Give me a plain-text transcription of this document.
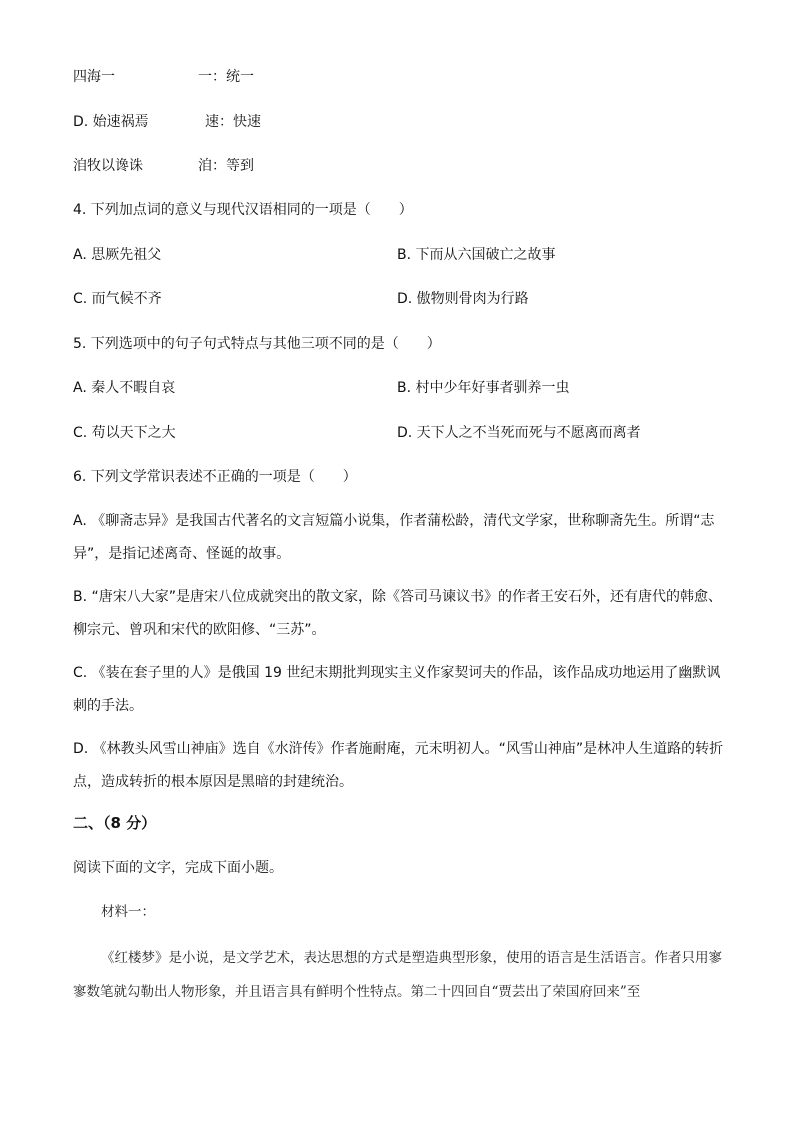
四海一	一：统一
D. 始速祸焉	速：快速
洎牧以谗诛	洎：等到
4. 下列加点词的意义与现代汉语相同的一项是（　　）
A. 思厥先祖父	B. 下而从六国破亡之故事
C. 而气候不齐	D. 傲物则骨肉为行路
5. 下列选项中的句子句式特点与其他三项不同的是（　　）
A. 秦人不暇自哀	B. 村中少年好事者驯养一虫
C. 苟以天下之大	D. 天下人之不当死而死与不愿离而离者
6. 下列文学常识表述不正确的一项是（　　）
A. 《聊斋志异》是我国古代著名的文言短篇小说集，作者蒲松龄，清代文学家，世称聊斋先生。所谓“志异”，是指记述离奇、怪诞的故事。
B. “唐宋八大家”是唐宋八位成就突出的散文家，除《答司马谏议书》的作者王安石外，还有唐代的韩愈、柳宗元、曾巩和宋代的欧阳修、“三苏”。
C. 《装在套子里的人》是俄国 19 世纪末期批判现实主义作家契诃夫的作品，该作品成功地运用了幽默讽刺的手法。
D. 《林教头风雪山神庙》选自《水浒传》作者施耐庵，元末明初人。“风雪山神庙”是林冲人生道路的转折点，造成转折的根本原因是黑暗的封建统治。
二、（8 分）
阅读下面的文字，完成下面小题。
材料一：
《红楼梦》是小说，是文学艺术，表达思想的方式是塑造典型形象，使用的语言是生活语言。作者只用寥寥数笔就勾勒出人物形象，并且语言具有鲜明个性特点。第二十四回自“贾芸出了荣国府回来”至
